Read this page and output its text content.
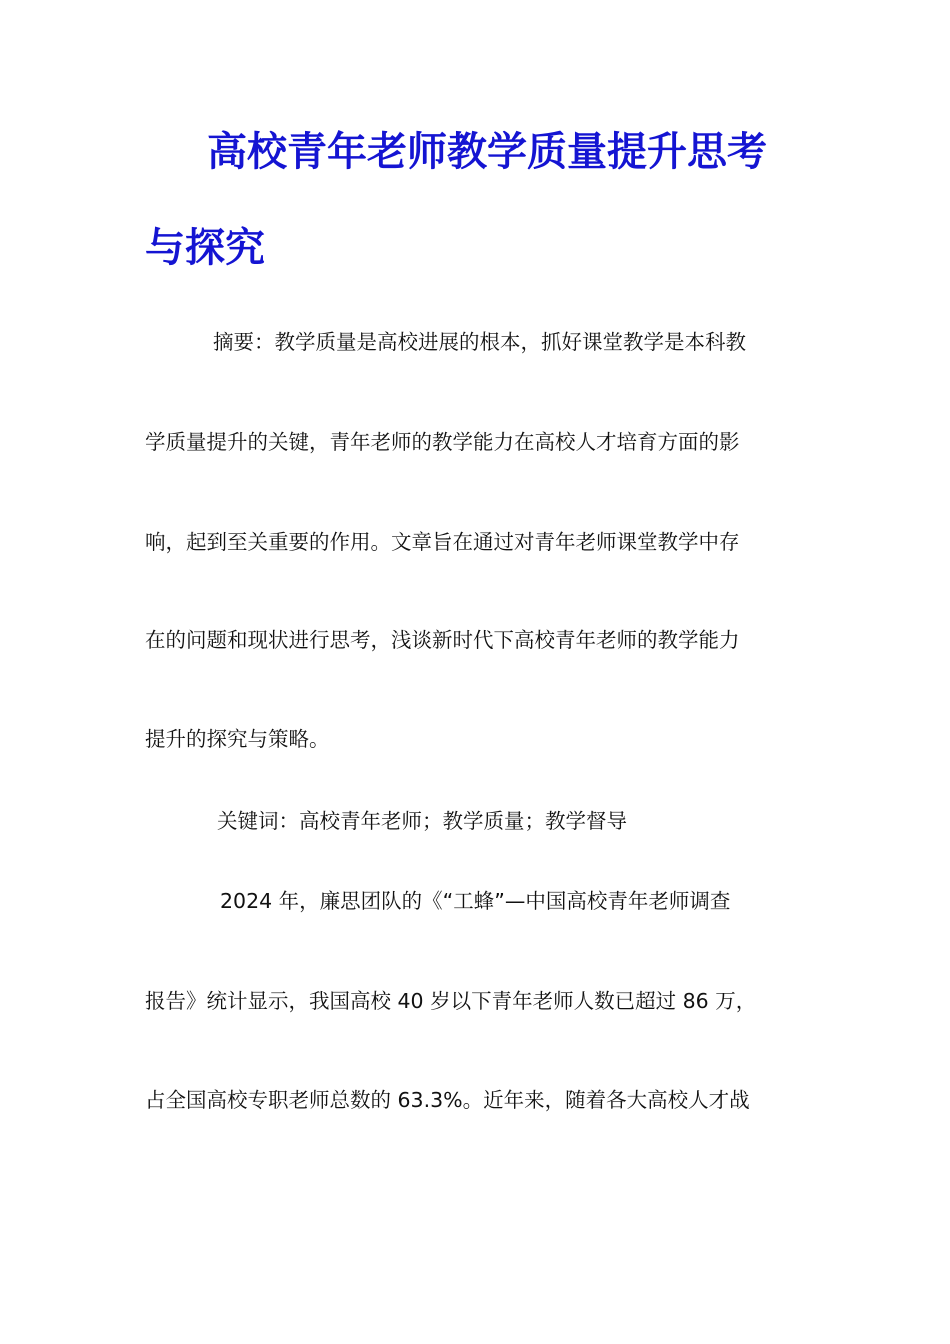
高校青年老师教学质量提升思考
与探究
摘要：教学质量是高校进展的根本，抓好课堂教学是本科教
学质量提升的关键，青年老师的教学能力在高校人才培育方面的影
响，起到至关重要的作用。文章旨在通过对青年老师课堂教学中存
在的问题和现状进行思考，浅谈新时代下高校青年老师的教学能力
提升的探究与策略。
关键词：高校青年老师；教学质量；教学督导
2024 年，廉思团队的《“工蜂”—中国高校青年老师调查
报告》统计显示，我国高校 40 岁以下青年老师人数已超过 86 万，
占全国高校专职老师总数的 63.3%。近年来，随着各大高校人才战
